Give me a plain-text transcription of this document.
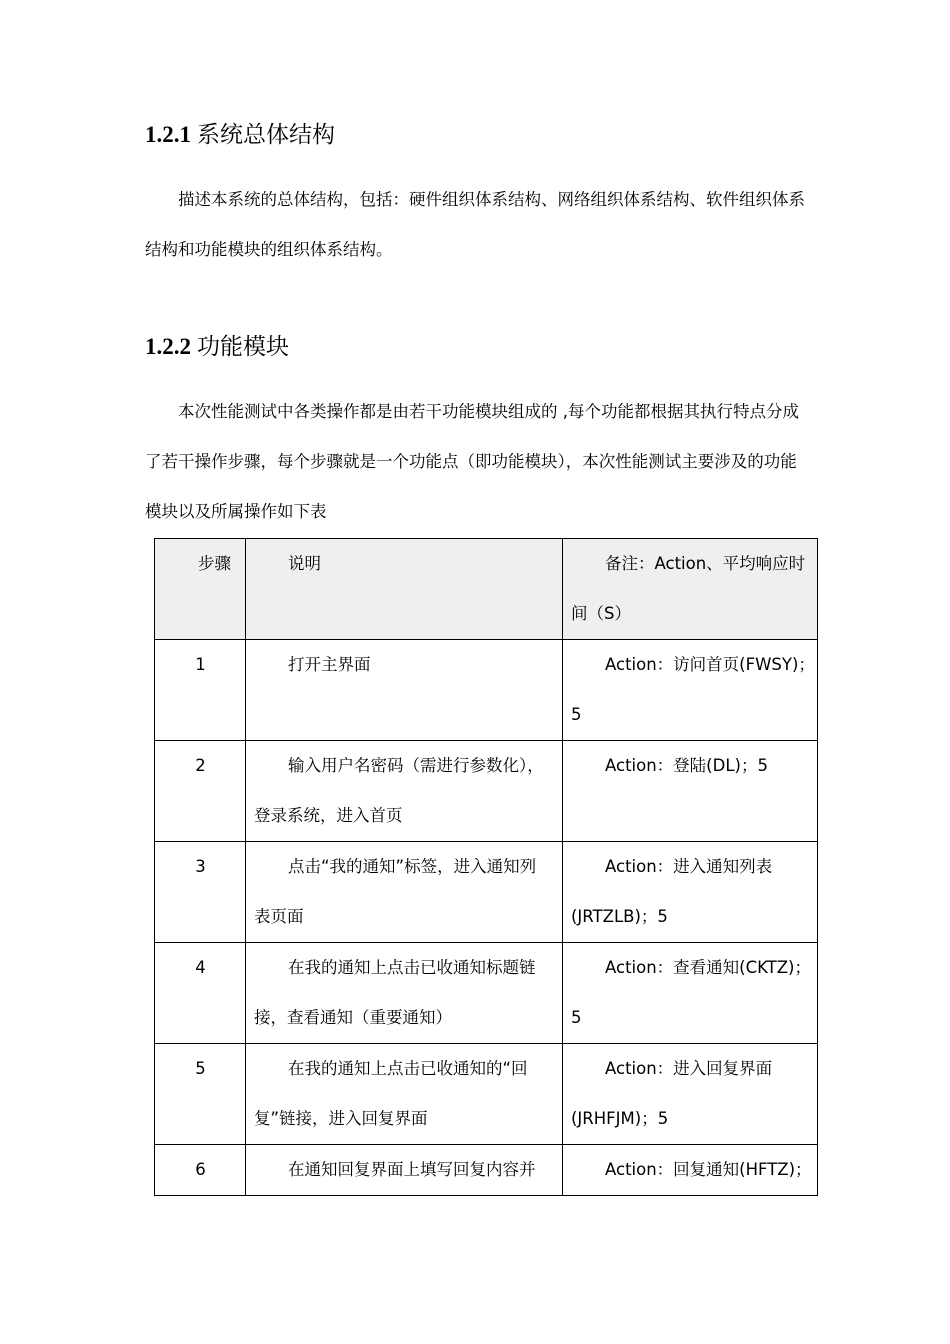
1.2.1 系统总体结构
描述本系统的总体结构，包括：硬件组织体系结构、网络组织体系结构、软件组织体系
结构和功能模块的组织体系结构。
1.2.2 功能模块
本次性能测试中各类操作都是由若干功能模块组成的 ,每个功能都根据其执行特点分成
了若干操作步骤，每个步骤就是一个功能点（即功能模块），本次性能测试主要涉及的功能
模块以及所属操作如下表
步骤	说明	备注：Action、平均响应时
间（S）

1	打开主界面	Action：访问首页(FWSY)；
5

2	输入用户名密码（需进行参数化），
登录系统，进入首页	Action：登陆(DL)；5

3	点击“我的通知”标签，进入通知列
表页面	Action：进入通知列表
(JRTZLB)；5

4	在我的通知上点击已收通知标题链
接，查看通知（重要通知）	Action：查看通知(CKTZ)；
5

5	在我的通知上点击已收通知的“回
复”链接，进入回复界面	Action：进入回复界面
(JRHFJM)；5

6	在通知回复界面上填写回复内容并	Action：回复通知(HFTZ)；
